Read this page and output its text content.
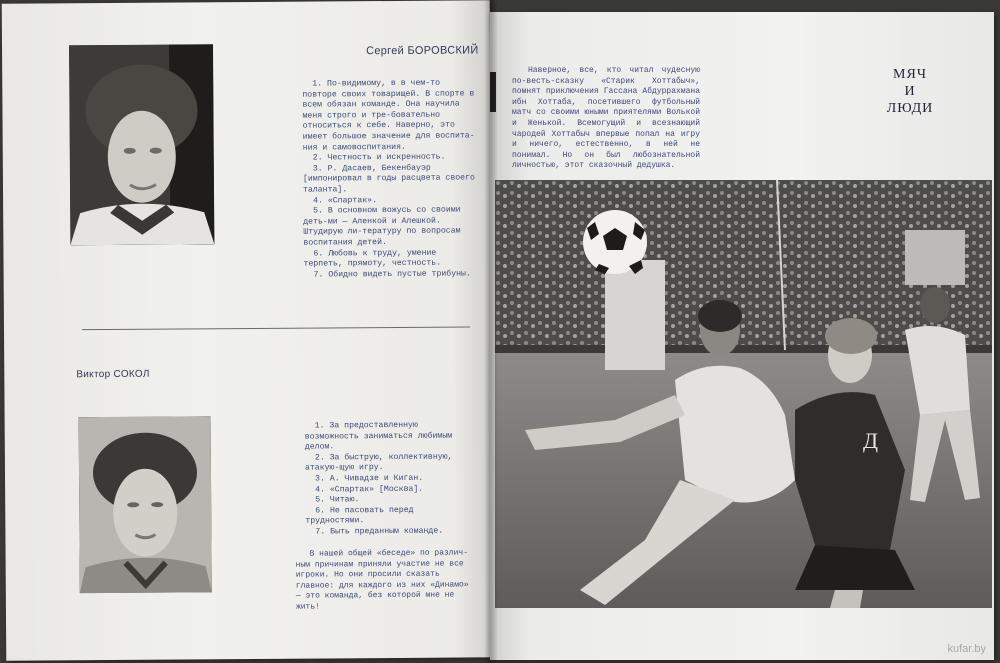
Сергей БОРОВСКИЙ
1. По-видимому, в в чем-то повторе своих товарищей. В спорте в всем обязан команде. Она научила меня строго и тре-бовательно относиться к себе. Наверно, это имеет большое значение для воспита-ния и самовоспитания.
2. Честность и искренность.
3. Р. Дасаев, Бекенбауэр [импонировал в годы расцвета своего таланта].
4. «Спартак».
5. В основном вожусь со своими деть-ми — Аленкой и Алешкой. Штудирую ли-тературу по вопросам воспитания детей.
6. Любовь к труду, умение терпеть, прямоту, честность.
7. Обидно видеть пустые трибуны.
Виктор СОКОЛ
1. За предоставленную возможность заниматься любимым делом.
2. За быструю, коллективную, атакую-щую игру.
3. А. Чивадзе и Киган.
4. «Спартак» [Москва].
5. Читаю.
6. Не пасовать перед трудностями.
7. Быть преданным команде.
В нашей общей «беседе» по различ-ным причинам приняли участие не все игроки. Но они просили сказать главное: для каждого из них «Динамо» — это команда, без которой мне не жить!
Наверное, все, кто читал чудесную по-весть-сказку «Старик Хоттабыч», помнят приключения Гассана Абдуррахмана ибн Хоттаба, посетившего футбольный матч со своими юными приятелями Волькой и Женькой. Всемогущий и всезнающий чародей Хоттабыч впервые попал на игру и ничего, естественно, в ней не понимал. Но он был любознательной личностью, этот сказочный дедушка.
МЯЧ
И
ЛЮДИ
Д
kufar.by
